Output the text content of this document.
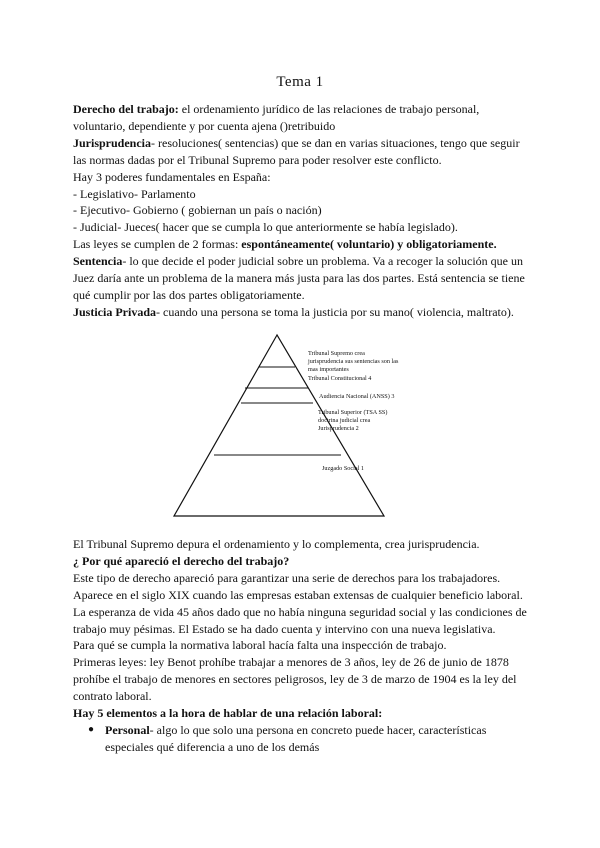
Tema 1

Derecho del trabajo: el ordenamiento jurídico de las relaciones de trabajo personal, voluntario, dependiente y por cuenta ajena ()retribuido

Jurisprudencia- resoluciones( sentencias) que se dan en varias situaciones, tengo que seguir las normas dadas por el Tribunal Supremo para poder resolver este conflicto.

Hay 3 poderes fundamentales en España:

- Legislativo- Parlamento

- Ejecutivo- Gobierno ( gobiernan un país o nación)

- Judicial- Jueces( hacer que se cumpla lo que anteriormente se había legislado).

Las leyes se cumplen de 2 formas: espontáneamente( voluntario) y obligatoriamente.

Sentencia- lo que decide el poder judicial sobre un problema. Va a recoger la solución que un Juez daría ante un problema de la manera más justa para las dos partes. Está sentencia se tiene qué cumplir por las dos partes obligatoriamente.

Justicia Privada- cuando una persona se toma la justicia por su mano( violencia, maltrato).

Tribunal Supremo crea
jurisprudencia sus sentencias son las
mas importantes
Tribunal Constitucional 4
Audiencia Nacional (ANSS) 3
Tribunal Superior (TSA SS)
doctrina judicial crea
Jurisprudencia 2
Juzgado Social 1

El Tribunal Supremo depura el ordenamiento y lo complementa, crea jurisprudencia.

¿ Por qué apareció el derecho del trabajo?

Este tipo de derecho apareció para garantizar una serie de derechos para los trabajadores. Aparece en el siglo XIX cuando las empresas estaban extensas de cualquier beneficio laboral. La esperanza de vida 45 años dado que no había ninguna seguridad social y las condiciones de trabajo muy pésimas. El Estado se ha dado cuenta y intervino con una nueva legislativa.

Para qué se cumpla la normativa laboral hacía falta una inspección de trabajo.

Primeras leyes: ley Benot prohíbe trabajar a menores de 3 años, ley de 26 de junio de 1878 prohíbe el trabajo de menores en sectores peligrosos, ley de 3 de marzo de 1904 es la ley del contrato laboral.

Hay 5 elementos a la hora de hablar de una relación laboral:

● Personal- algo lo que solo una persona en concreto puede hacer, características especiales qué diferencia a uno de los demás
